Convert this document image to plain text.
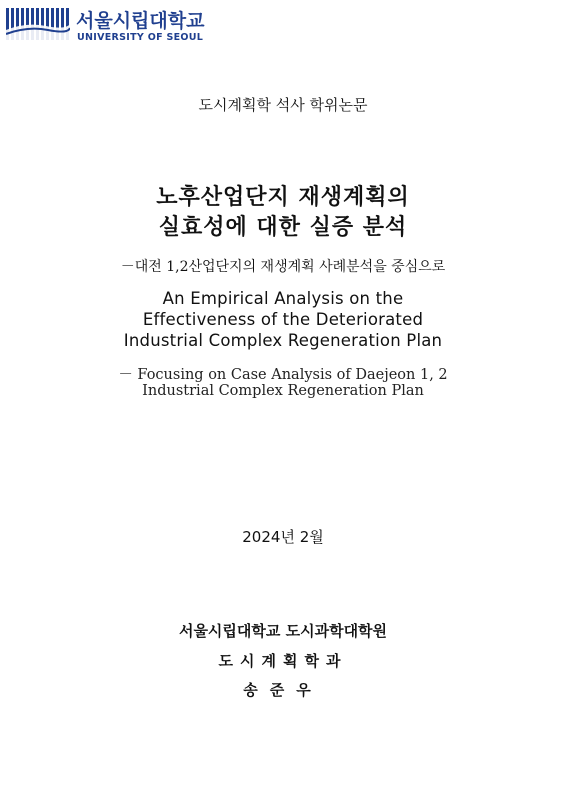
서울시립대학교
UNIVERSITY OF SEOUL
도시계획학 석사 학위논문
노후산업단지 재생계획의
실효성에 대한 실증 분석
－대전 1,2산업단지의 재생계획 사례분석을 중심으로
An Empirical Analysis on the
Effectiveness of the Deteriorated
Industrial Complex Regeneration Plan
－ Focusing on Case Analysis of Daejeon 1, 2
Industrial Complex Regeneration Plan
2024년 2월
서울시립대학교 도시과학대학원
도시계획학과
송준우
